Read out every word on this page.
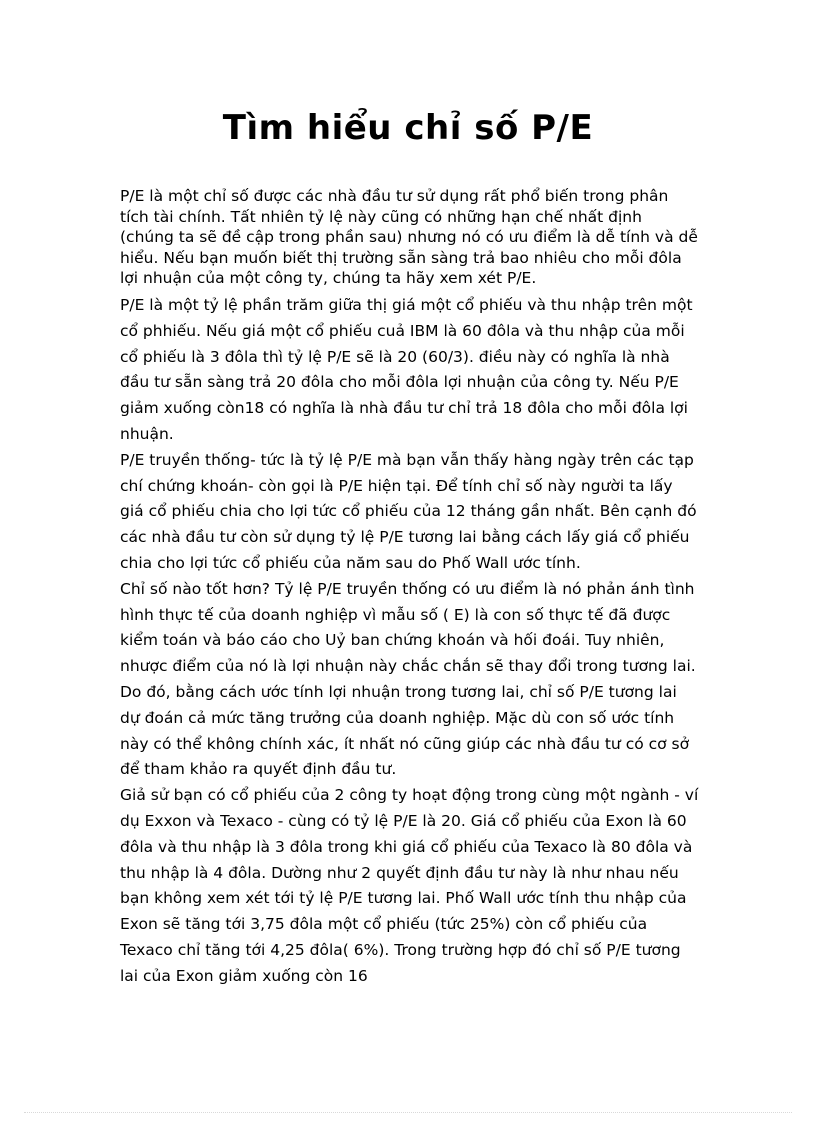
Tìm hiểu chỉ số P/E

P/E là một chỉ số được các nhà đầu tư sử dụng rất phổ biến trong phân tích tài chính. Tất nhiên tỷ lệ này cũng có những hạn chế nhất định (chúng ta sẽ đề cập trong phần sau) nhưng nó có ưu điểm là dễ tính và dễ hiểu. Nếu bạn muốn biết thị trường sẵn sàng trả bao nhiêu cho mỗi đôla lợi nhuận của một công ty, chúng ta hãy xem xét P/E.

P/E là một tỷ lệ phần trăm giữa thị giá một cổ phiếu và thu nhập trên một cổ phhiếu. Nếu giá một cổ phiếu cuả IBM là 60 đôla và thu nhập của mỗi cổ phiếu là 3 đôla thì tỷ lệ P/E sẽ là 20 (60/3). điều này có nghĩa là nhà đầu tư sẵn sàng trả 20 đôla cho mỗi đôla lợi nhuận của công ty. Nếu P/E giảm xuống còn18 có nghĩa là nhà đầu tư chỉ trả 18 đôla cho mỗi đôla lợi nhuận.

P/E truyền thống- tức là tỷ lệ P/E mà bạn vẫn thấy hàng ngày trên các tạp chí chứng khoán- còn gọi là P/E hiện tại. Để tính chỉ số này người ta lấy giá cổ phiếu chia cho lợi tức cổ phiếu của 12 tháng gần nhất. Bên cạnh đó các nhà đầu tư còn sử dụng tỷ lệ P/E tương lai bằng cách lấy giá cổ phiếu chia cho lợi tức cổ phiếu của năm sau do Phố Wall ước tính.

Chỉ số nào tốt hơn? Tỷ lệ P/E truyền thống có ưu điểm là nó phản ánh tình hình thực tế của doanh nghiệp vì mẫu số ( E) là con số thực tế đã được kiểm toán và báo cáo cho Uỷ ban chứng khoán và hối đoái. Tuy nhiên, nhược điểm của nó là lợi nhuận này chắc chắn sẽ thay đổi trong tương lai. Do đó, bằng cách ước tính lợi nhuận trong tương lai, chỉ số P/E tương lai dự đoán cả mức tăng trưởng của doanh nghiệp. Mặc dù con số ước tính này có thể không chính xác, ít nhất nó cũng giúp các nhà đầu tư có cơ sở để tham khảo ra quyết định đầu tư.

Giả sử bạn có cổ phiếu của 2 công ty hoạt động trong cùng một ngành - ví dụ Exxon và Texaco - cùng có tỷ lệ P/E là 20. Giá cổ phiếu của Exon là 60 đôla và thu nhập là 3 đôla trong khi giá cổ phiếu của Texaco là 80 đôla và thu nhập là 4 đôla. Dường như 2 quyết định đầu tư này là như nhau nếu bạn không xem xét tới tỷ lệ P/E tương lai. Phố Wall ước tính thu nhập của Exon sẽ tăng tới 3,75 đôla một cổ phiếu (tức 25%) còn cổ phiếu của Texaco chỉ tăng tới 4,25 đôla( 6%). Trong trường hợp đó chỉ số P/E tương lai của Exon giảm xuống còn 16
